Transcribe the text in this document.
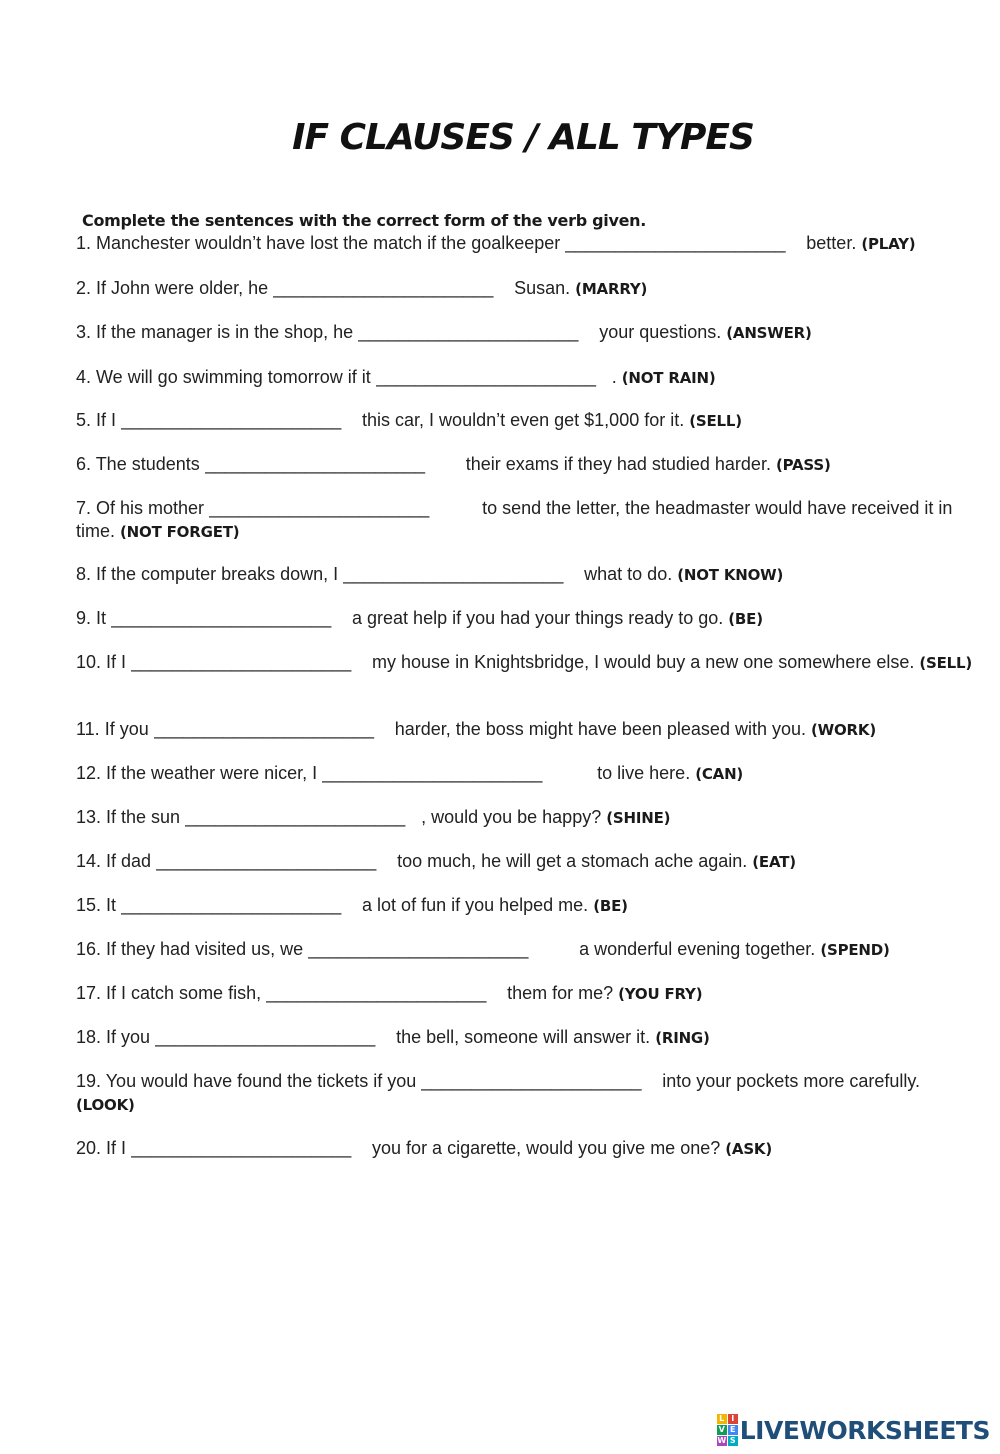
IF CLAUSES / ALL TYPES
Complete the sentences with the correct form of the verb given.
1. Manchester wouldn’t have lost the match if the goalkeeper ______________________	better. (PLAY)
2. If John were older, he ______________________	Susan. (MARRY)
3. If the manager is in the shop, he ______________________	your questions. (ANSWER)
4. We will go swimming tomorrow if it ______________________	. (NOT RAIN)
5. If I ______________________	this car, I wouldn’t even get $1,000 for it. (SELL)
6. The students ______________________	their exams if they had studied harder. (PASS)
7. Of his mother ______________________	to send the letter, the headmaster would have received it in time. (NOT FORGET)
8. If the computer breaks down, I ______________________	what to do. (NOT KNOW)
9. It ______________________	a great help if you had your things ready to go. (BE)
10. If I ______________________	my house in Knightsbridge, I would buy a new one somewhere else. (SELL)
11. If you ______________________	harder, the boss might have been pleased with you. (WORK)
12. If the weather were nicer, I ______________________	to live here. (CAN)
13. If the sun ______________________	, would you be happy? (SHINE)
14. If dad ______________________	too much, he will get a stomach ache again. (EAT)
15. It ______________________	a lot of fun if you helped me. (BE)
16. If they had visited us, we ______________________	a wonderful evening together. (SPEND)
17. If I catch some fish, ______________________	them for me? (YOU FRY)
18. If you ______________________	the bell, someone will answer it. (RING)
19. You would have found the tickets if you ______________________	into your pockets more carefully. (LOOK)
20. If I ______________________	you for a cigarette, would you give me one? (ASK)
L I
V E
W S LIVEWORKSHEETS
